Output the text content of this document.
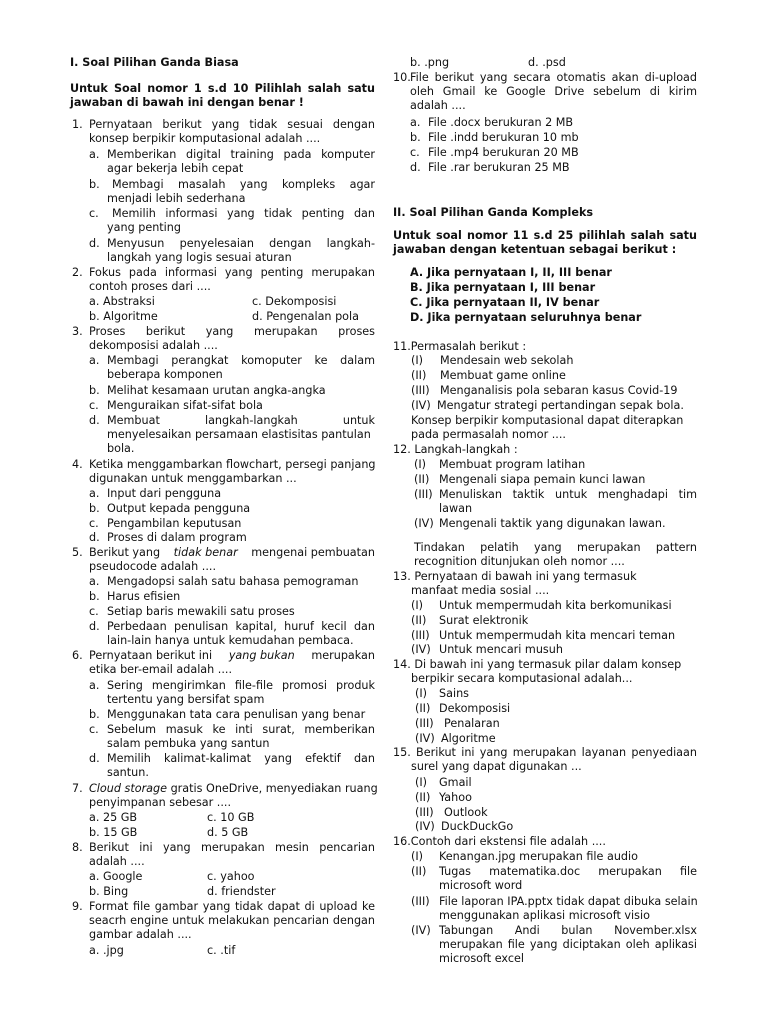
I. Soal Pilihan Ganda Biasa
Untuk Soal nomor 1 s.d 10 Pilihlah salah satu
jawaban di bawah ini dengan benar !
1. Pernyataan berikut yang tidak sesuai dengan
konsep berpikir komputasional adalah ....
a. Memberikan digital training pada komputer
agar bekerja lebih cepat
b. Membagi masalah yang kompleks agar
menjadi lebih sederhana
c. Memilih informasi yang tidak penting dan
yang penting
d. Menyusun penyelesaian dengan langkah-
langkah yang logis sesuai aturan
2. Fokus pada informasi yang penting merupakan
contoh proses dari ....
a. Abstraksi	c. Dekomposisi
b. Algoritme	d. Pengenalan pola
3. Proses berikut yang merupakan proses
dekomposisi adalah ....
a. Membagi perangkat komoputer ke dalam
beberapa komponen
b. Melihat kesamaan urutan angka-angka
c. Menguraikan sifat-sifat bola
d. Membuat langkah-langkah untuk
menyelesaikan persamaan elastisitas pantulan
bola.
4. Ketika menggambarkan flowchart, persegi panjang
digunakan untuk menggambarkan ...
a. Input dari pengguna
b. Output kepada pengguna
c. Pengambilan keputusan
d. Proses di dalam program
5. Berikut yang tidak benar mengenai pembuatan
pseudocode adalah ....
a. Mengadopsi salah satu bahasa pemograman
b. Harus efisien
c. Setiap baris mewakili satu proses
d. Perbedaan penulisan kapital, huruf kecil dan
lain-lain hanya untuk kemudahan pembaca.
6. Pernyataan berikut ini yang bukan merupakan
etika ber-email adalah ....
a. Sering mengirimkan file-file promosi produk
tertentu yang bersifat spam
b. Menggunakan tata cara penulisan yang benar
c. Sebelum masuk ke inti surat, memberikan
salam pembuka yang santun
d. Memilih kalimat-kalimat yang efektif dan
santun.
7. Cloud storage gratis OneDrive, menyediakan ruang
penyimpanan sebesar ....
a. 25 GB	c. 10 GB
b. 15 GB	d. 5 GB
8. Berikut ini yang merupakan mesin pencarian
adalah ....
a. Google	c. yahoo
b. Bing	d. friendster
9. Format file gambar yang tidak dapat di upload ke
seacrh engine untuk melakukan pencarian dengan
gambar adalah ....
a. .jpg	c. .tif
b. .png	d. .psd
10. File berikut yang secara otomatis akan di-upload
oleh Gmail ke Google Drive sebelum di kirim
adalah ....
a. File .docx berukuran 2 MB
b. File .indd berukuran 10 mb
c. File .mp4 berukuran 20 MB
d. File .rar berukuran 25 MB
II. Soal Pilihan Ganda Kompleks
Untuk soal nomor 11 s.d 25 pilihlah salah satu
jawaban dengan ketentuan sebagai berikut :
A. Jika pernyataan I, II, III benar
B. Jika pernyataan I, III benar
C. Jika pernyataan II, IV benar
D. Jika pernyataan seluruhnya benar
11.Permasalah berikut :
(I) Mendesain web sekolah
(II) Membuat game online
(III) Menganalisis pola sebaran kasus Covid-19
(IV) Mengatur strategi pertandingan sepak bola.
Konsep berpikir komputasional dapat diterapkan
pada permasalah nomor ....
12. Langkah-langkah :
(I) Membuat program latihan
(II) Mengenali siapa pemain kunci lawan
(III) Menuliskan taktik untuk menghadapi tim
lawan
(IV) Mengenali taktik yang digunakan lawan.
Tindakan pelatih yang merupakan pattern
recognition ditunjukan oleh nomor ....
13. Pernyataan di bawah ini yang termasuk
manfaat media sosial ....
(I) Untuk mempermudah kita berkomunikasi
(II) Surat elektronik
(III) Untuk mempermudah kita mencari teman
(IV) Untuk mencari musuh
14. Di bawah ini yang termasuk pilar dalam konsep
berpikir secara komputasional adalah...
(I) Sains
(II) Dekomposisi
(III) Penalaran
(IV) Algoritme
15. Berikut ini yang merupakan layanan penyediaan
surel yang dapat digunakan ...
(I) Gmail
(II) Yahoo
(III) Outlook
(IV) DuckDuckGo
16.Contoh dari ekstensi file adalah ....
(I) Kenangan.jpg merupakan file audio
(II) Tugas matematika.doc merupakan file
microsoft word
(III) File laporan IPA.pptx tidak dapat dibuka selain
menggunakan aplikasi microsoft visio
(IV) Tabungan Andi bulan November.xlsx
merupakan file yang diciptakan oleh aplikasi
microsoft excel
